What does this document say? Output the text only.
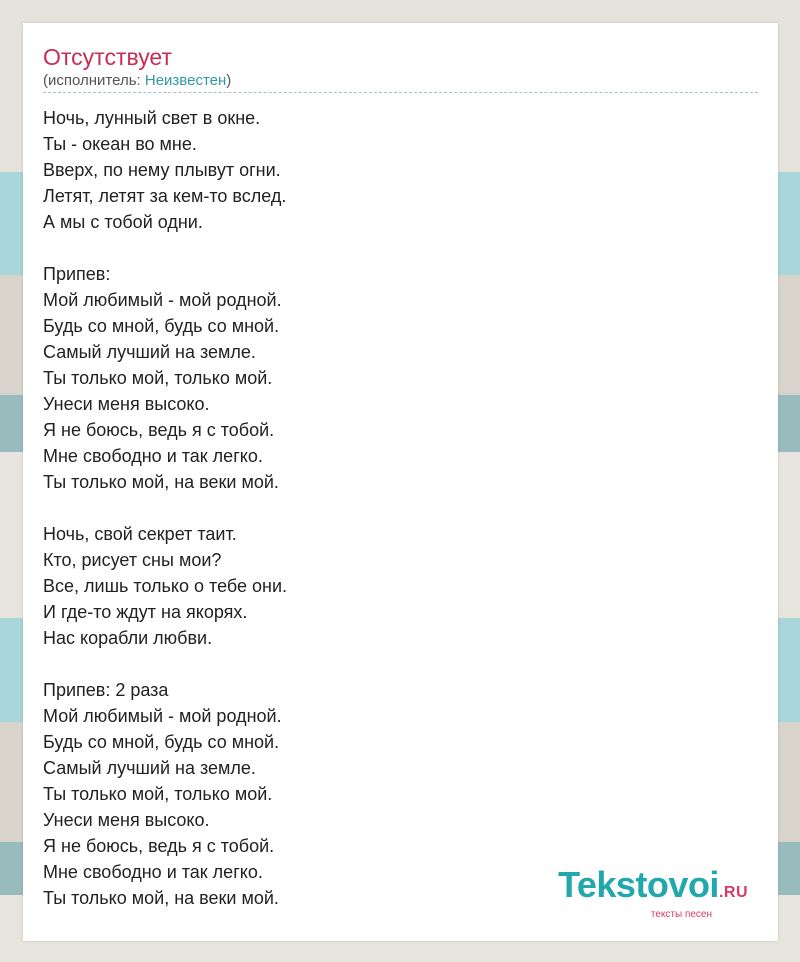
Отсутствует
(исполнитель: Неизвестен)
Ночь, лунный свет в окне.
Ты - океан во мне.
Вверх, по нему плывут огни.
Летят, летят за кем-то вслед.
А мы с тобой одни.
Припев:
Мой любимый - мой родной.
Будь со мной, будь со мной.
Самый лучший на земле.
Ты только мой, только мой.
Унеси меня высоко.
Я не боюсь, ведь я с тобой.
Мне свободно и так легко.
Ты только мой, на веки мой.
Ночь, свой секрет таит.
Кто, рисует сны мои?
Все, лишь только о тебе они.
И где-то ждут на якорях.
Нас корабли любви.
Припев: 2 раза
Мой любимый - мой родной.
Будь со мной, будь со мной.
Самый лучший на земле.
Ты только мой, только мой.
Унеси меня высоко.
Я не боюсь, ведь я с тобой.
Мне свободно и так легко.
Ты только мой, на веки мой.	Tekstovoi.RU
тексты песен
